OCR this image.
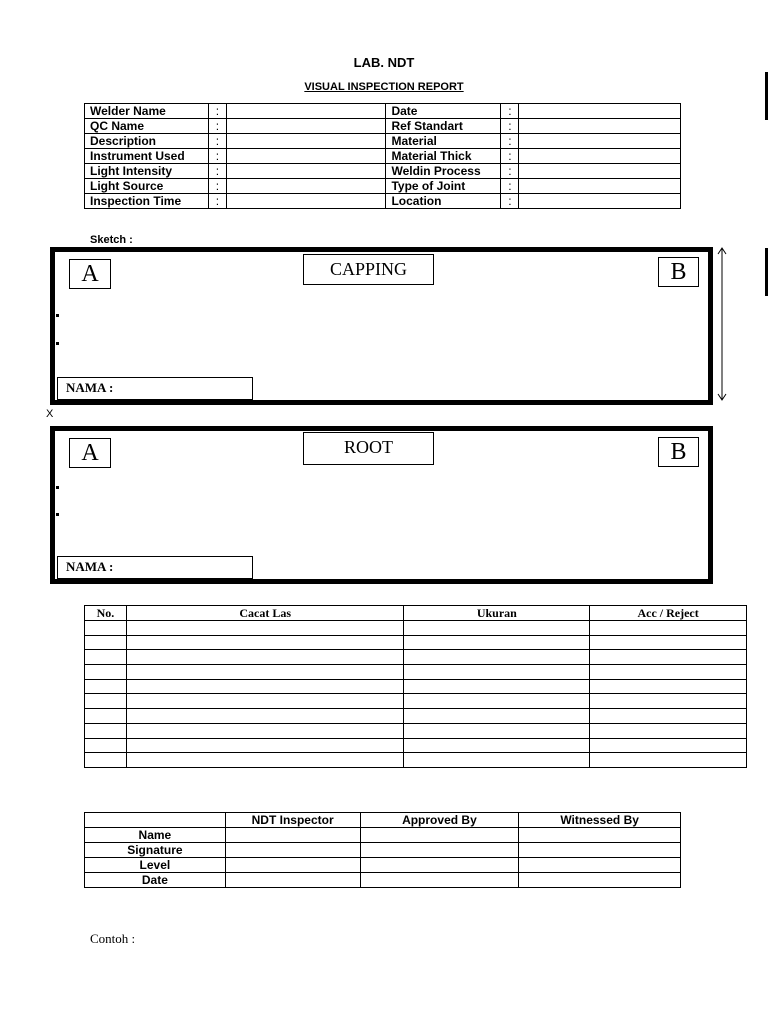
LAB. NDT
VISUAL INSPECTION REPORT
Welder Name	:		Date	:	
QC Name	:		Ref Standart	:	
Description	:		Material	:	
Instrument Used	:		Material Thick	:	
Light Intensity	:		Weldin Process	:	
Light Source	:		Type of Joint	:	
Inspection Time	:		Location	:	
Sketch :
A	CAPPING	B
NAMA :
X
A	ROOT	B
NAMA :
No.	Cacat Las	Ukuran	Acc / Reject

	NDT Inspector	Approved By	Witnessed By
Name			
Signature			
Level			
Date			
Contoh :
